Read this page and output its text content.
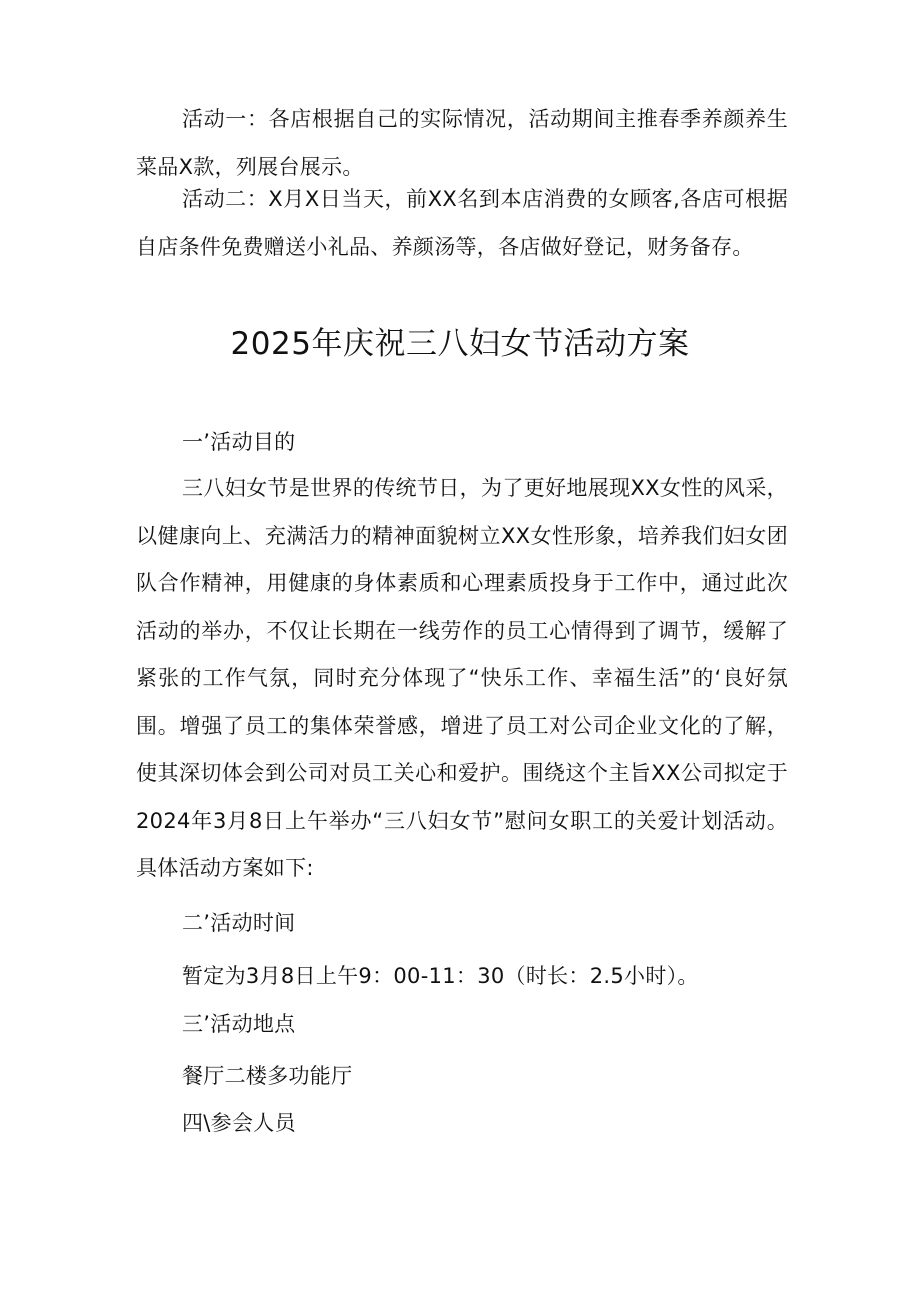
活动一：各店根据自己的实际情况，活动期间主推春季养颜养生菜品X款，列展台展示。

活动二：X月X日当天，前XX名到本店消费的女顾客,各店可根据自店条件免费赠送小礼品、养颜汤等，各店做好登记，财务备存。

2025年庆祝三八妇女节活动方案

一’活动目的

三八妇女节是世界的传统节日，为了更好地展现XX女性的风采，以健康向上、充满活力的精神面貌树立XX女性形象，培养我们妇女团队合作精神，用健康的身体素质和心理素质投身于工作中，通过此次活动的举办，不仅让长期在一线劳作的员工心情得到了调节，缓解了紧张的工作气氛，同时充分体现了“快乐工作、幸福生活”的‘良好氛围。增强了员工的集体荣誉感，增进了员工对公司企业文化的了解，使其深切体会到公司对员工关心和爱护。围绕这个主旨XX公司拟定于2024年3月8日上午举办“三八妇女节”慰问女职工的关爱计划活动。具体活动方案如下:

二’活动时间

暂定为3月8日上午9：00-11：30（时长：2.5小时）。

三’活动地点

餐厅二楼多功能厅

四\参会人员
